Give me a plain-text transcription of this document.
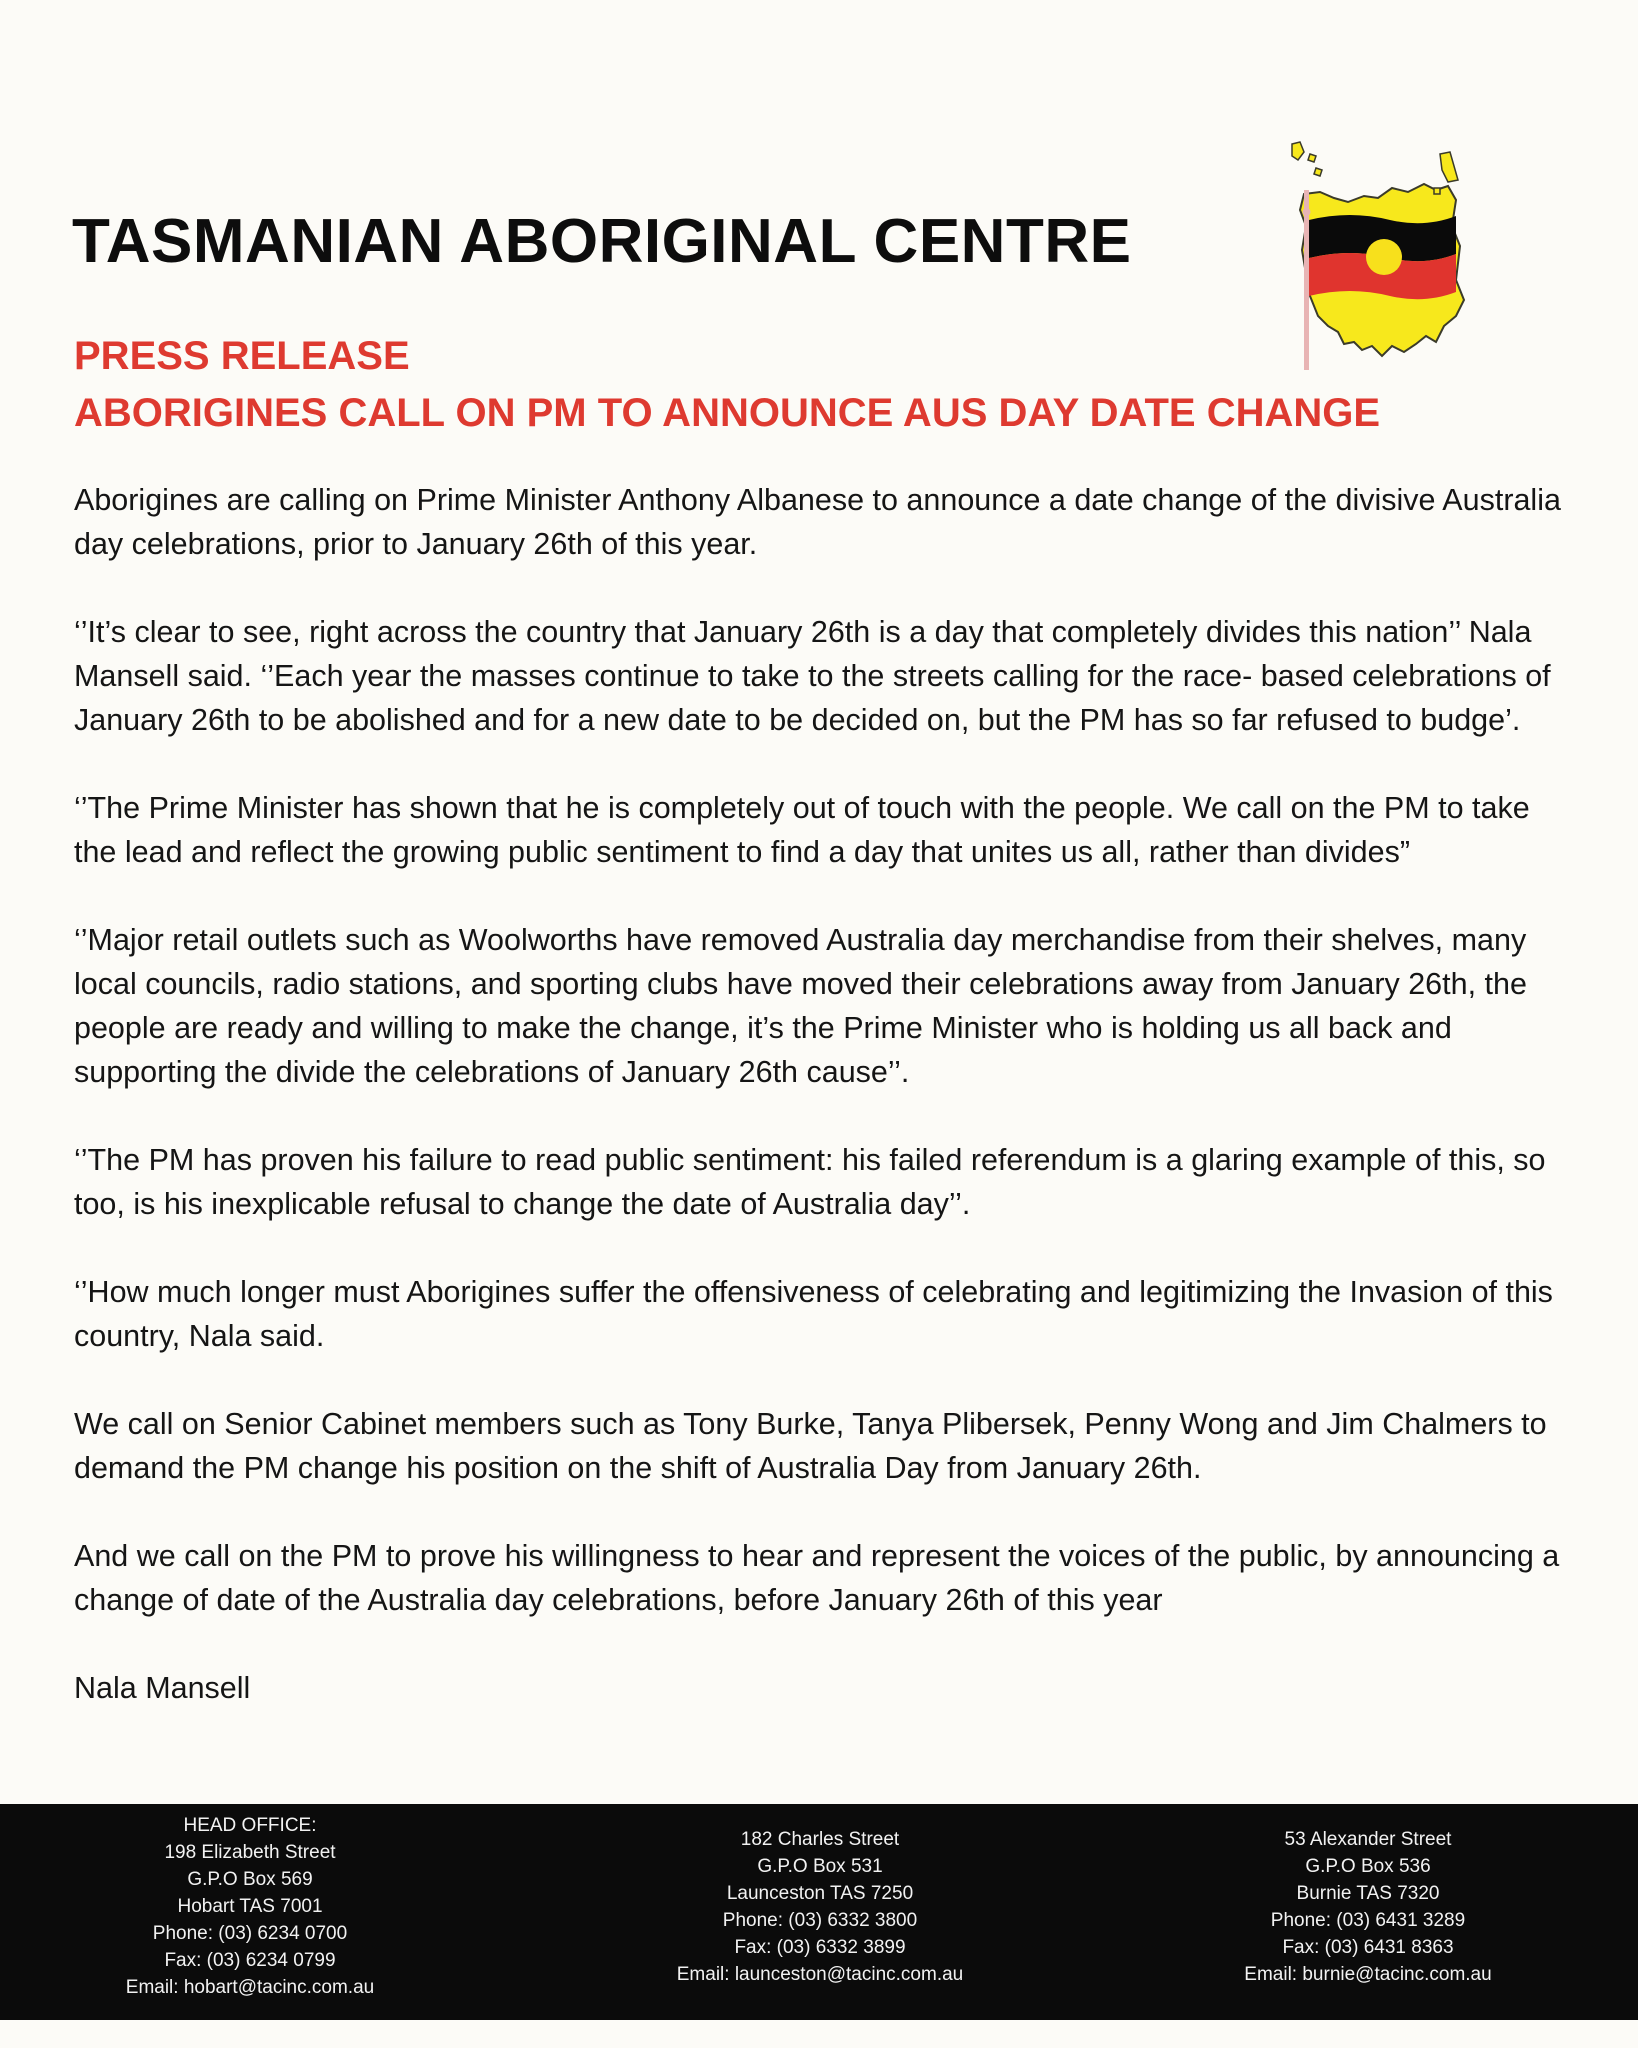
TASMANIAN ABORIGINAL CENTRE
PRESS RELEASE
ABORIGINES CALL ON PM TO ANNOUNCE AUS DAY DATE CHANGE

Aborigines are calling on Prime Minister Anthony Albanese to announce a date change of the divisive Australia day celebrations, prior to January 26th of this year.

‘’It’s clear to see, right across the country that January 26th is a day that completely divides this nation’’ Nala Mansell said. ‘’Each year the masses continue to take to the streets calling for the race- based celebrations of January 26th to be abolished and for a new date to be decided on, but the PM has so far refused to budge’.

‘’The Prime Minister has shown that he is completely out of touch with the people. We call on the PM to take the lead and reflect the growing public sentiment to find a day that unites us all, rather than divides”

‘’Major retail outlets such as Woolworths have removed Australia day merchandise from their shelves, many local councils, radio stations, and sporting clubs have moved their celebrations away from January 26th, the people are ready and willing to make the change, it’s the Prime Minister who is holding us all back and supporting the divide the celebrations of January 26th cause’’.

‘’The PM has proven his failure to read public sentiment: his failed referendum is a glaring example of this, so too, is his inexplicable refusal to change the date of Australia day’’.

‘’How much longer must Aborigines suffer the offensiveness of celebrating and legitimizing the Invasion of this country, Nala said.

We call on Senior Cabinet members such as Tony Burke, Tanya Plibersek, Penny Wong and Jim Chalmers to demand the PM change his position on the shift of Australia Day from January 26th.

And we call on the PM to prove his willingness to hear and represent the voices of the public, by announcing a change of date of the Australia day celebrations, before January 26th of this year

Nala Mansell

HEAD OFFICE:
198 Elizabeth Street
G.P.O Box 569
Hobart TAS 7001
Phone: (03) 6234 0700
Fax: (03) 6234 0799
Email: hobart@tacinc.com.au
182 Charles Street
G.P.O Box 531
Launceston TAS 7250
Phone: (03) 6332 3800
Fax: (03) 6332 3899
Email: launceston@tacinc.com.au
53 Alexander Street
G.P.O Box 536
Burnie TAS 7320
Phone: (03) 6431 3289
Fax: (03) 6431 8363
Email: burnie@tacinc.com.au
